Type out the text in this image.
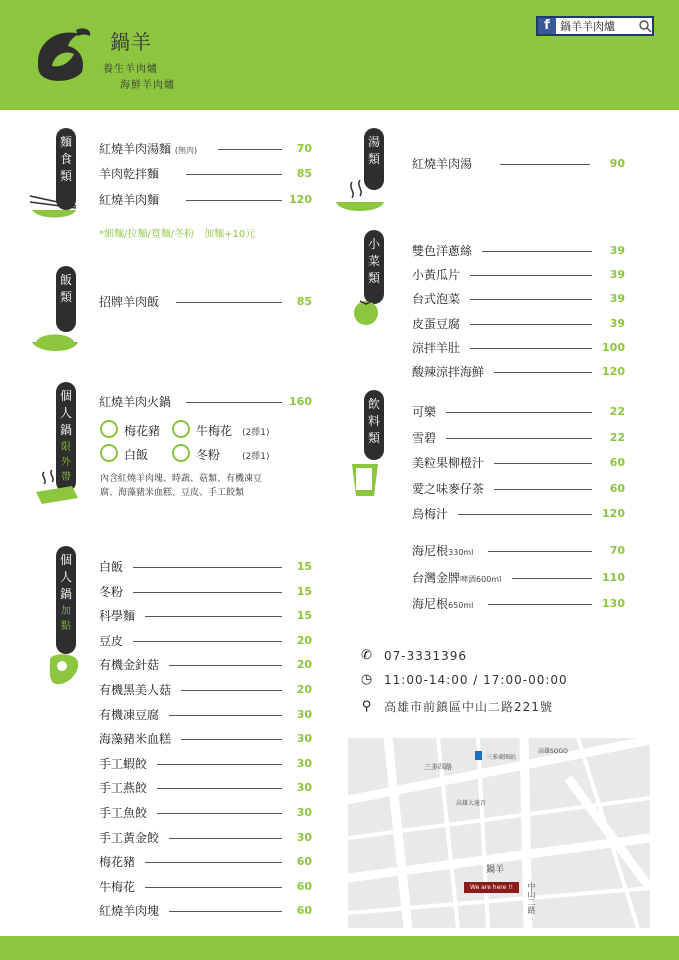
鍋羊
養生羊肉爐
海鮮羊肉爐
f 鍋羊羊肉爐
麵
食
類
飯
類
個
人
鍋
限
外
帶
個
人
鍋
加
點
湯
類
小
菜
類
飲
料
類
紅燒羊肉湯麵 (無肉)	70
羊肉乾拌麵	85
紅燒羊肉麵	120
*細麵/拉麵/寬麵/冬粉　加麵+10元
招牌羊肉飯	85
紅燒羊肉火鍋	160
梅花豬	牛梅花 (2擇1)
白飯	冬粉 (2擇1)
內含紅燒羊肉塊、時蔬、菇類、有機凍豆
腐、海藻豬米血糕、豆皮、手工餃類
白飯	15
冬粉	15
科學麵	15
豆皮	20
有機金針菇	20
有機黑美人菇	20
有機凍豆腐	30
海藻豬米血糕	30
手工蝦餃	30
手工燕餃	30
手工魚餃	30
手工黃金餃	30
梅花豬	60
牛梅花	60
紅燒羊肉塊	60
紅燒羊肉湯	90
雙色洋蔥絲	39
小黃瓜片	39
台式泡菜	39
皮蛋豆腐	39
涼拌羊肚	100
酸辣涼拌海鮮	120
可樂	22
雪碧	22
美粒果柳橙汁	60
愛之味麥仔茶	60
烏梅汁	120
海尼根330ml	70
台灣金牌啤酒600ml	110
海尼根650ml	130
✆ 07-3331396
◷ 11:00-14:00 / 17:00-00:00
⚲ 高雄市前鎮區中山二路221號
三多四路
三多商圈站
高雄SOGO
高雄大遠百
中山二路
鍋羊
We are here !!
